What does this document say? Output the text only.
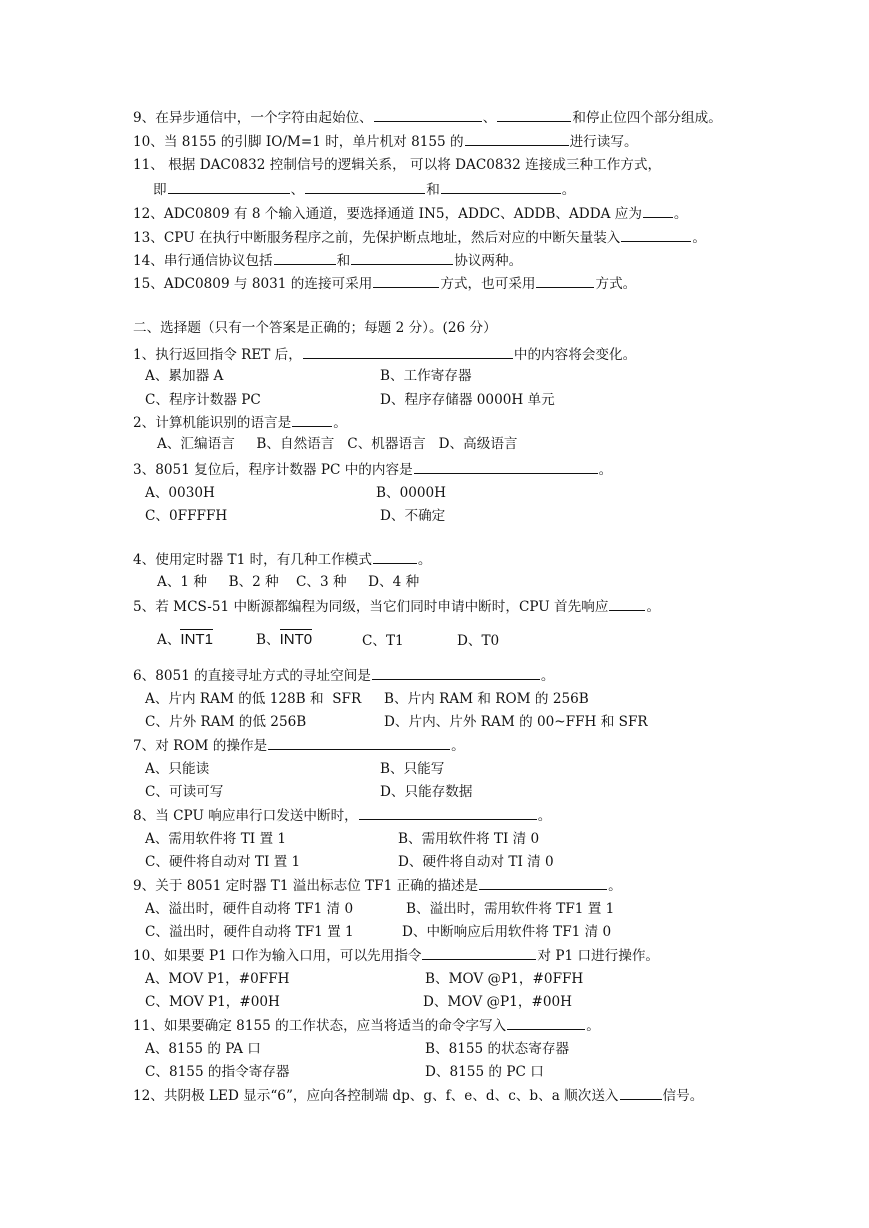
9、在异步通信中，一个字符由起始位、	、	和停止位四个部分组成。
10、当 8155 的引脚 IO/M=1 时，单片机对 8155 的	进行读写。
11、 根据 DAC0832 控制信号的逻辑关系， 可以将 DAC0832 连接成三种工作方式，
即	、	和	。
12、ADC0809 有 8 个输入通道，要选择通道 IN5，ADDC、ADDB、ADDA 应为 。
13、CPU 在执行中断服务程序之前，先保护断点地址，然后对应的中断矢量装入	。
14、串行通信协议包括	和	协议两种。
15、ADC0809 与 8031 的连接可采用	方式，也可采用	方式。
二、选择题（只有一个答案是正确的；每题 2 分）。(26 分）
1、执行返回指令 RET 后，	中的内容将会变化。
A、累加器 A	B、工作寄存器
C、程序计数器 PC	D、程序存储器 0000H 单元
2、计算机能识别的语言是	。
A、汇编语言     B、自然语言   C、机器语言   D、高级语言
3、8051 复位后，程序计数器 PC 中的内容是	。
A、0030H	B、0000H
C、0FFFFH	D、不确定
4、使用定时器 T1 时，有几种工作模式	。
A、1 种     B、2 种    C、3 种     D、4 种
5、若 MCS-51 中断源都编程为同级，当它们同时申请中断时，CPU 首先响应	。
A、INT1	B、INT0	C、T1	D、T0
6、8051 的直接寻址方式的寻址空间是	。
A、片内 RAM 的低 128B 和  SFR B、片内 RAM 和 ROM 的 256B
C、片外 RAM 的低 256B	D、片内、片外 RAM 的 00~FFH 和 SFR
7、对 ROM 的操作是	。
A、只能读	B、只能写
C、可读可写	D、只能存数据
8、当 CPU 响应串行口发送中断时，	。
A、需用软件将 TI 置 1	B、需用软件将 TI 清 0
C、硬件将自动对 TI 置 1	D、硬件将自动对 TI 清 0
9、关于 8051 定时器 T1 溢出标志位 TF1 正确的描述是	。
A、溢出时，硬件自动将 TF1 清 0	B、溢出时，需用软件将 TF1 置 1
C、溢出时，硬件自动将 TF1 置 1	D、中断响应后用软件将 TF1 清 0
10、如果要 P1 口作为输入口用，可以先用指令	对 P1 口进行操作。
A、MOV P1，#0FFH	B、MOV @P1，#0FFH
C、MOV P1，#00H	D、MOV @P1，#00H
11、如果要确定 8155 的工作状态，应当将适当的命令字写入	。
A、8155 的 PA 口	B、8155 的状态寄存器
C、8155 的指令寄存器	D、8155 的 PC 口
12、共阴极 LED 显示“6”，应向各控制端 dp、g、f、e、d、c、b、a 顺次送入	信号。
